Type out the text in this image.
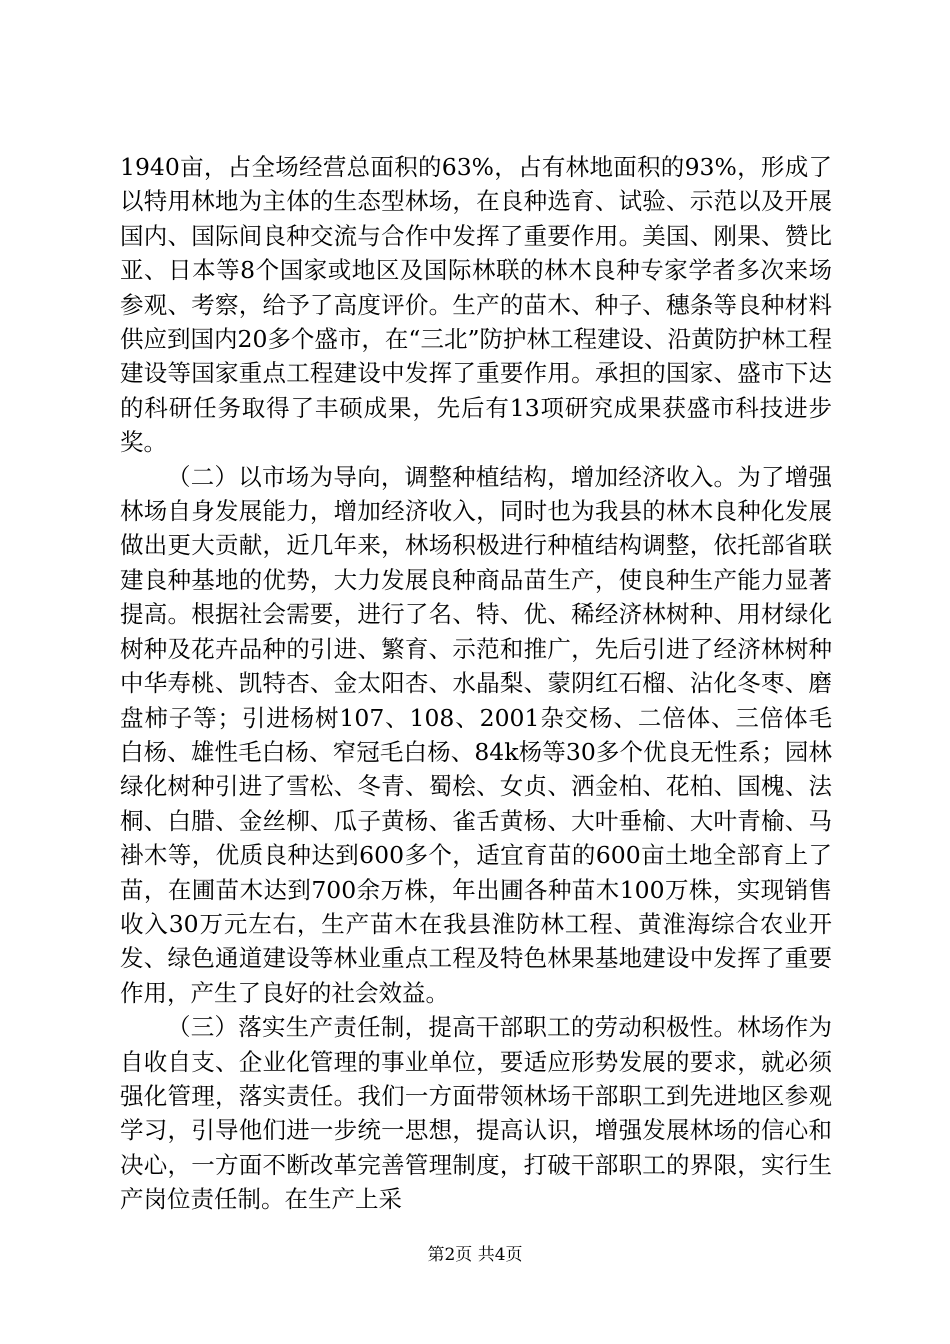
1940亩，占全场经营总面积的63%，占有林地面积的93%，形成了以特用林地为主体的生态型林场，在良种选育、试验、示范以及开展国内、国际间良种交流与合作中发挥了重要作用。美国、刚果、赞比亚、日本等8个国家或地区及国际林联的林木良种专家学者多次来场参观、考察，给予了高度评价。生产的苗木、种子、穗条等良种材料供应到国内20多个盛市，在“三北”防护林工程建设、沿黄防护林工程建设等国家重点工程建设中发挥了重要作用。承担的国家、盛市下达的科研任务取得了丰硕成果，先后有13项研究成果获盛市科技进步奖。

（二）以市场为导向，调整种植结构，增加经济收入。为了增强林场自身发展能力，增加经济收入，同时也为我县的林木良种化发展做出更大贡献，近几年来，林场积极进行种植结构调整，依托部省联建良种基地的优势，大力发展良种商品苗生产，使良种生产能力显著提高。根据社会需要，进行了名、特、优、稀经济林树种、用材绿化树种及花卉品种的引进、繁育、示范和推广，先后引进了经济林树种中华寿桃、凯特杏、金太阳杏、水晶梨、蒙阴红石榴、沾化冬枣、磨盘柿子等；引进杨树107、108、2001杂交杨、二倍体、三倍体毛白杨、雄性毛白杨、窄冠毛白杨、84k杨等30多个优良无性系；园林绿化树种引进了雪松、冬青、蜀桧、女贞、洒金柏、花柏、国槐、法桐、白腊、金丝柳、瓜子黄杨、雀舌黄杨、大叶垂榆、大叶青榆、马褂木等，优质良种达到600多个，适宜育苗的600亩土地全部育上了苗，在圃苗木达到700余万株，年出圃各种苗木100万株，实现销售收入30万元左右，生产苗木在我县淮防林工程、黄淮海综合农业开发、绿色通道建设等林业重点工程及特色林果基地建设中发挥了重要作用，产生了良好的社会效益。

（三）落实生产责任制，提高干部职工的劳动积极性。林场作为自收自支、企业化管理的事业单位，要适应形势发展的要求，就必须强化管理，落实责任。我们一方面带领林场干部职工到先进地区参观学习，引导他们进一步统一思想，提高认识，增强发展林场的信心和决心，一方面不断改革完善管理制度，打破干部职工的界限，实行生产岗位责任制。在生产上采

第2页 共4页
